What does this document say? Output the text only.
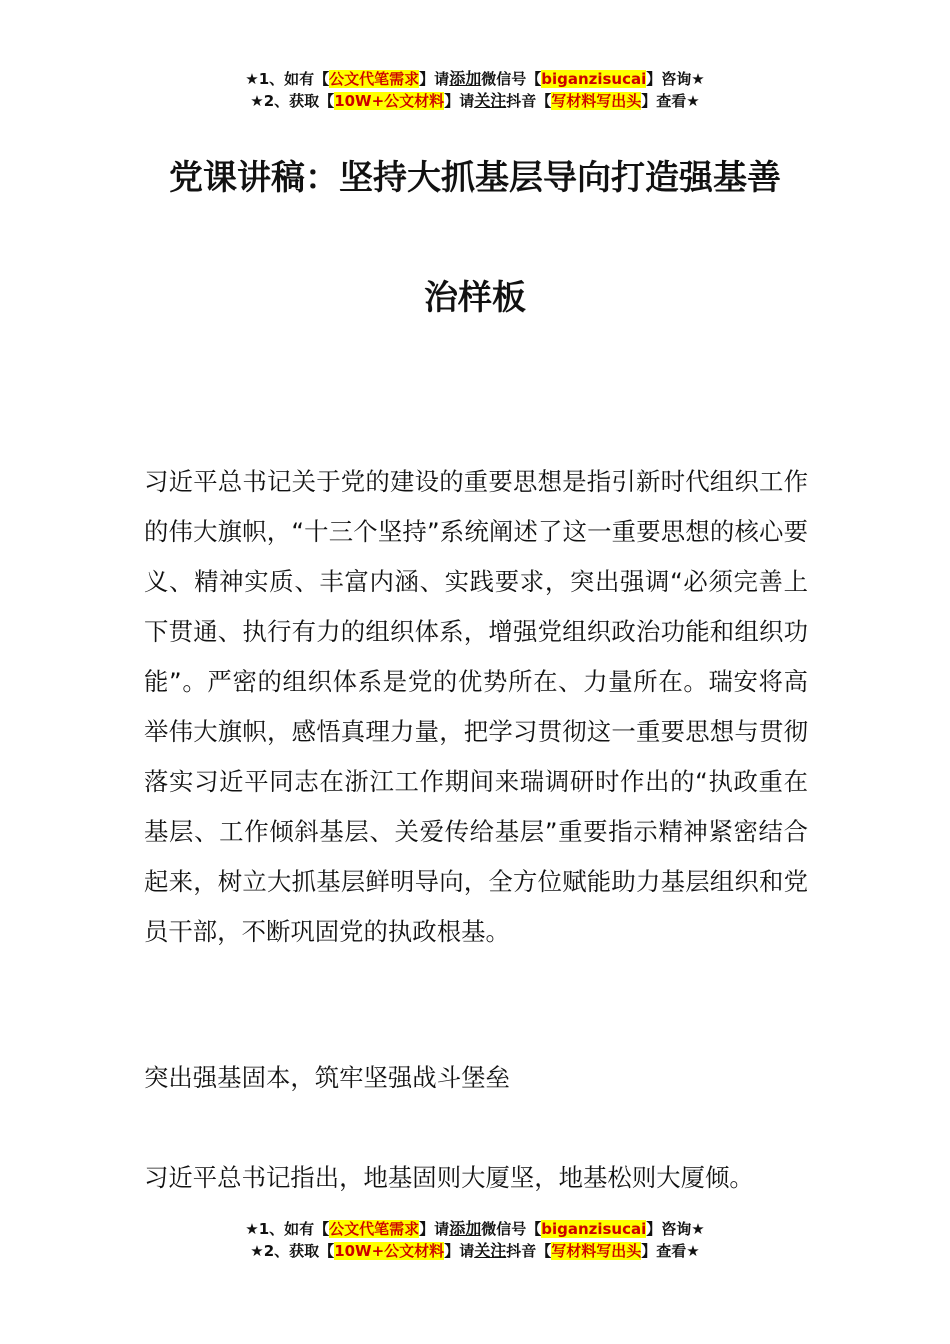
★1、如有【公文代笔需求】请添加微信号【biganzisucai】咨询★
★2、获取【10W+公文材料】请关注抖音【写材料写出头】查看★
党课讲稿：坚持大抓基层导向打造强基善
治样板
习近平总书记关于党的建设的重要思想是指引新时代组织工作的伟大旗帜，“十三个坚持”系统阐述了这一重要思想的核心要义、精神实质、丰富内涵、实践要求，突出强调“必须完善上下贯通、执行有力的组织体系，增强党组织政治功能和组织功能”。严密的组织体系是党的优势所在、力量所在。瑞安将高举伟大旗帜，感悟真理力量，把学习贯彻这一重要思想与贯彻落实习近平同志在浙江工作期间来瑞调研时作出的“执政重在基层、工作倾斜基层、关爱传给基层”重要指示精神紧密结合起来，树立大抓基层鲜明导向，全方位赋能助力基层组织和党员干部，不断巩固党的执政根基。
突出强基固本，筑牢坚强战斗堡垒
习近平总书记指出，地基固则大厦坚，地基松则大厦倾。
★1、如有【公文代笔需求】请添加微信号【biganzisucai】咨询★
★2、获取【10W+公文材料】请关注抖音【写材料写出头】查看★
